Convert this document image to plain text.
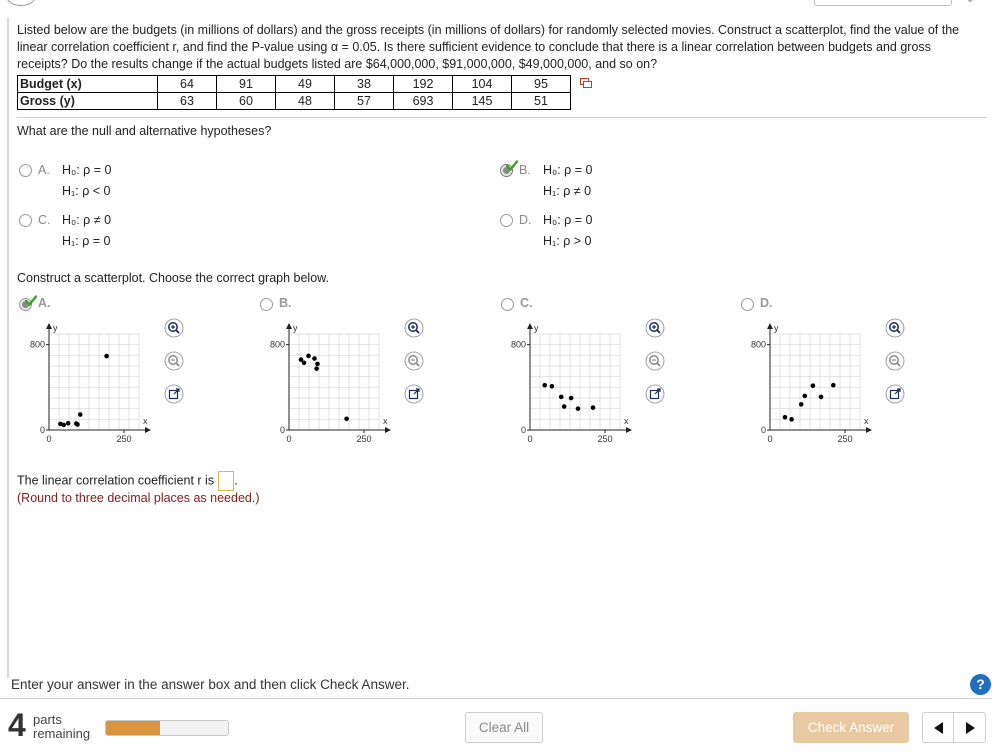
Listed below are the budgets (in millions of dollars) and the gross receipts (in millions of dollars) for randomly selected movies. Construct a scatterplot, find the value of the linear correlation coefficient r, and find the P-value using α = 0.05. Is there sufficient evidence to conclude that there is a linear correlation between budgets and gross receipts? Do the results change if the actual budgets listed are $64,000,000, $91,000,000, $49,000,000, and so on?
Budget (x)	64	91	49	38	192	104	95
Gross (y)	63	60	48	57	693	145	51
What are the null and alternative hypotheses?
A. H₀: ρ = 0
H₁: ρ < 0
B. H₀: ρ = 0
H₁: ρ ≠ 0
C. H₀: ρ ≠ 0
H₁: ρ = 0
D. H₀: ρ = 0
H₁: ρ > 0
Construct a scatterplot. Choose the correct graph below.
A.	B.	C.	D.
800
0
0	250
x
y
800
0
0	250
x
y
800
0
0	250
x
y
800
0
0	250
x
y
The linear correlation coefficient r is .
(Round to three decimal places as needed.)
Enter your answer in the answer box and then click Check Answer.	?
4 parts
remaining	Clear All	Check Answer
